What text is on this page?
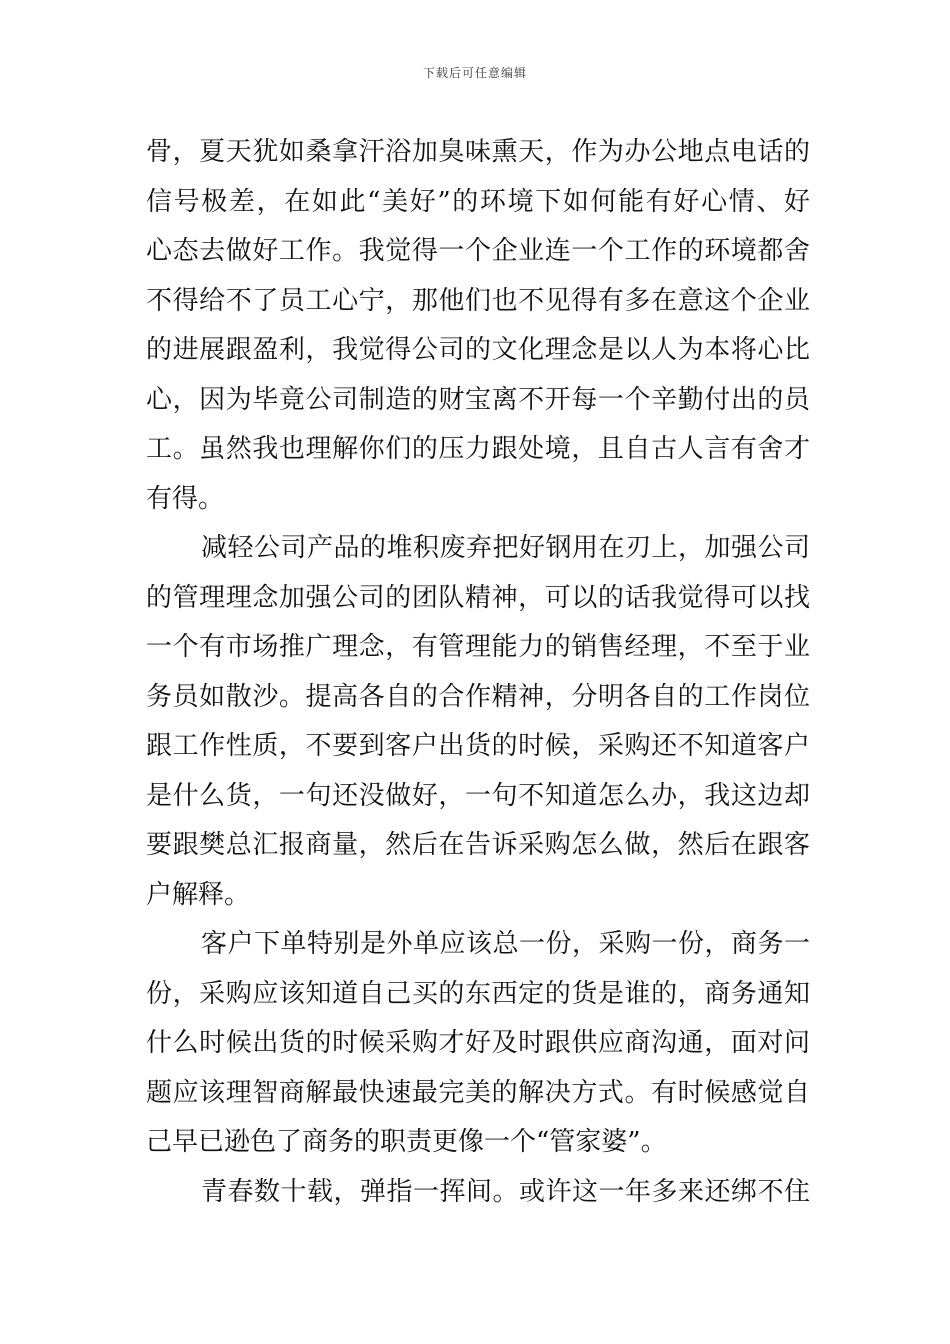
下载后可任意编辑
骨，夏天犹如桑拿汗浴加臭味熏天，作为办公地点电话的
信号极差，在如此“美好”的环境下如何能有好心情、好
心态去做好工作。我觉得一个企业连一个工作的环境都舍
不得给不了员工心宁，那他们也不见得有多在意这个企业
的进展跟盈利，我觉得公司的文化理念是以人为本将心比
心，因为毕竟公司制造的财宝离不开每一个辛勤付出的员
工。虽然我也理解你们的压力跟处境，且自古人言有舍才
有得。
减轻公司产品的堆积废弃把好钢用在刃上，加强公司
的管理理念加强公司的团队精神，可以的话我觉得可以找
一个有市场推广理念，有管理能力的销售经理，不至于业
务员如散沙。提高各自的合作精神，分明各自的工作岗位
跟工作性质，不要到客户出货的时候，采购还不知道客户
是什么货，一句还没做好，一句不知道怎么办，我这边却
要跟樊总汇报商量，然后在告诉采购怎么做，然后在跟客
户解释。
客户下单特别是外单应该总一份，采购一份，商务一
份，采购应该知道自己买的东西定的货是谁的，商务通知
什么时候出货的时候采购才好及时跟供应商沟通，面对问
题应该理智商解最快速最完美的解决方式。有时候感觉自
己早已逊色了商务的职责更像一个“管家婆”。
青春数十载，弹指一挥间。或许这一年多来还绑不住
